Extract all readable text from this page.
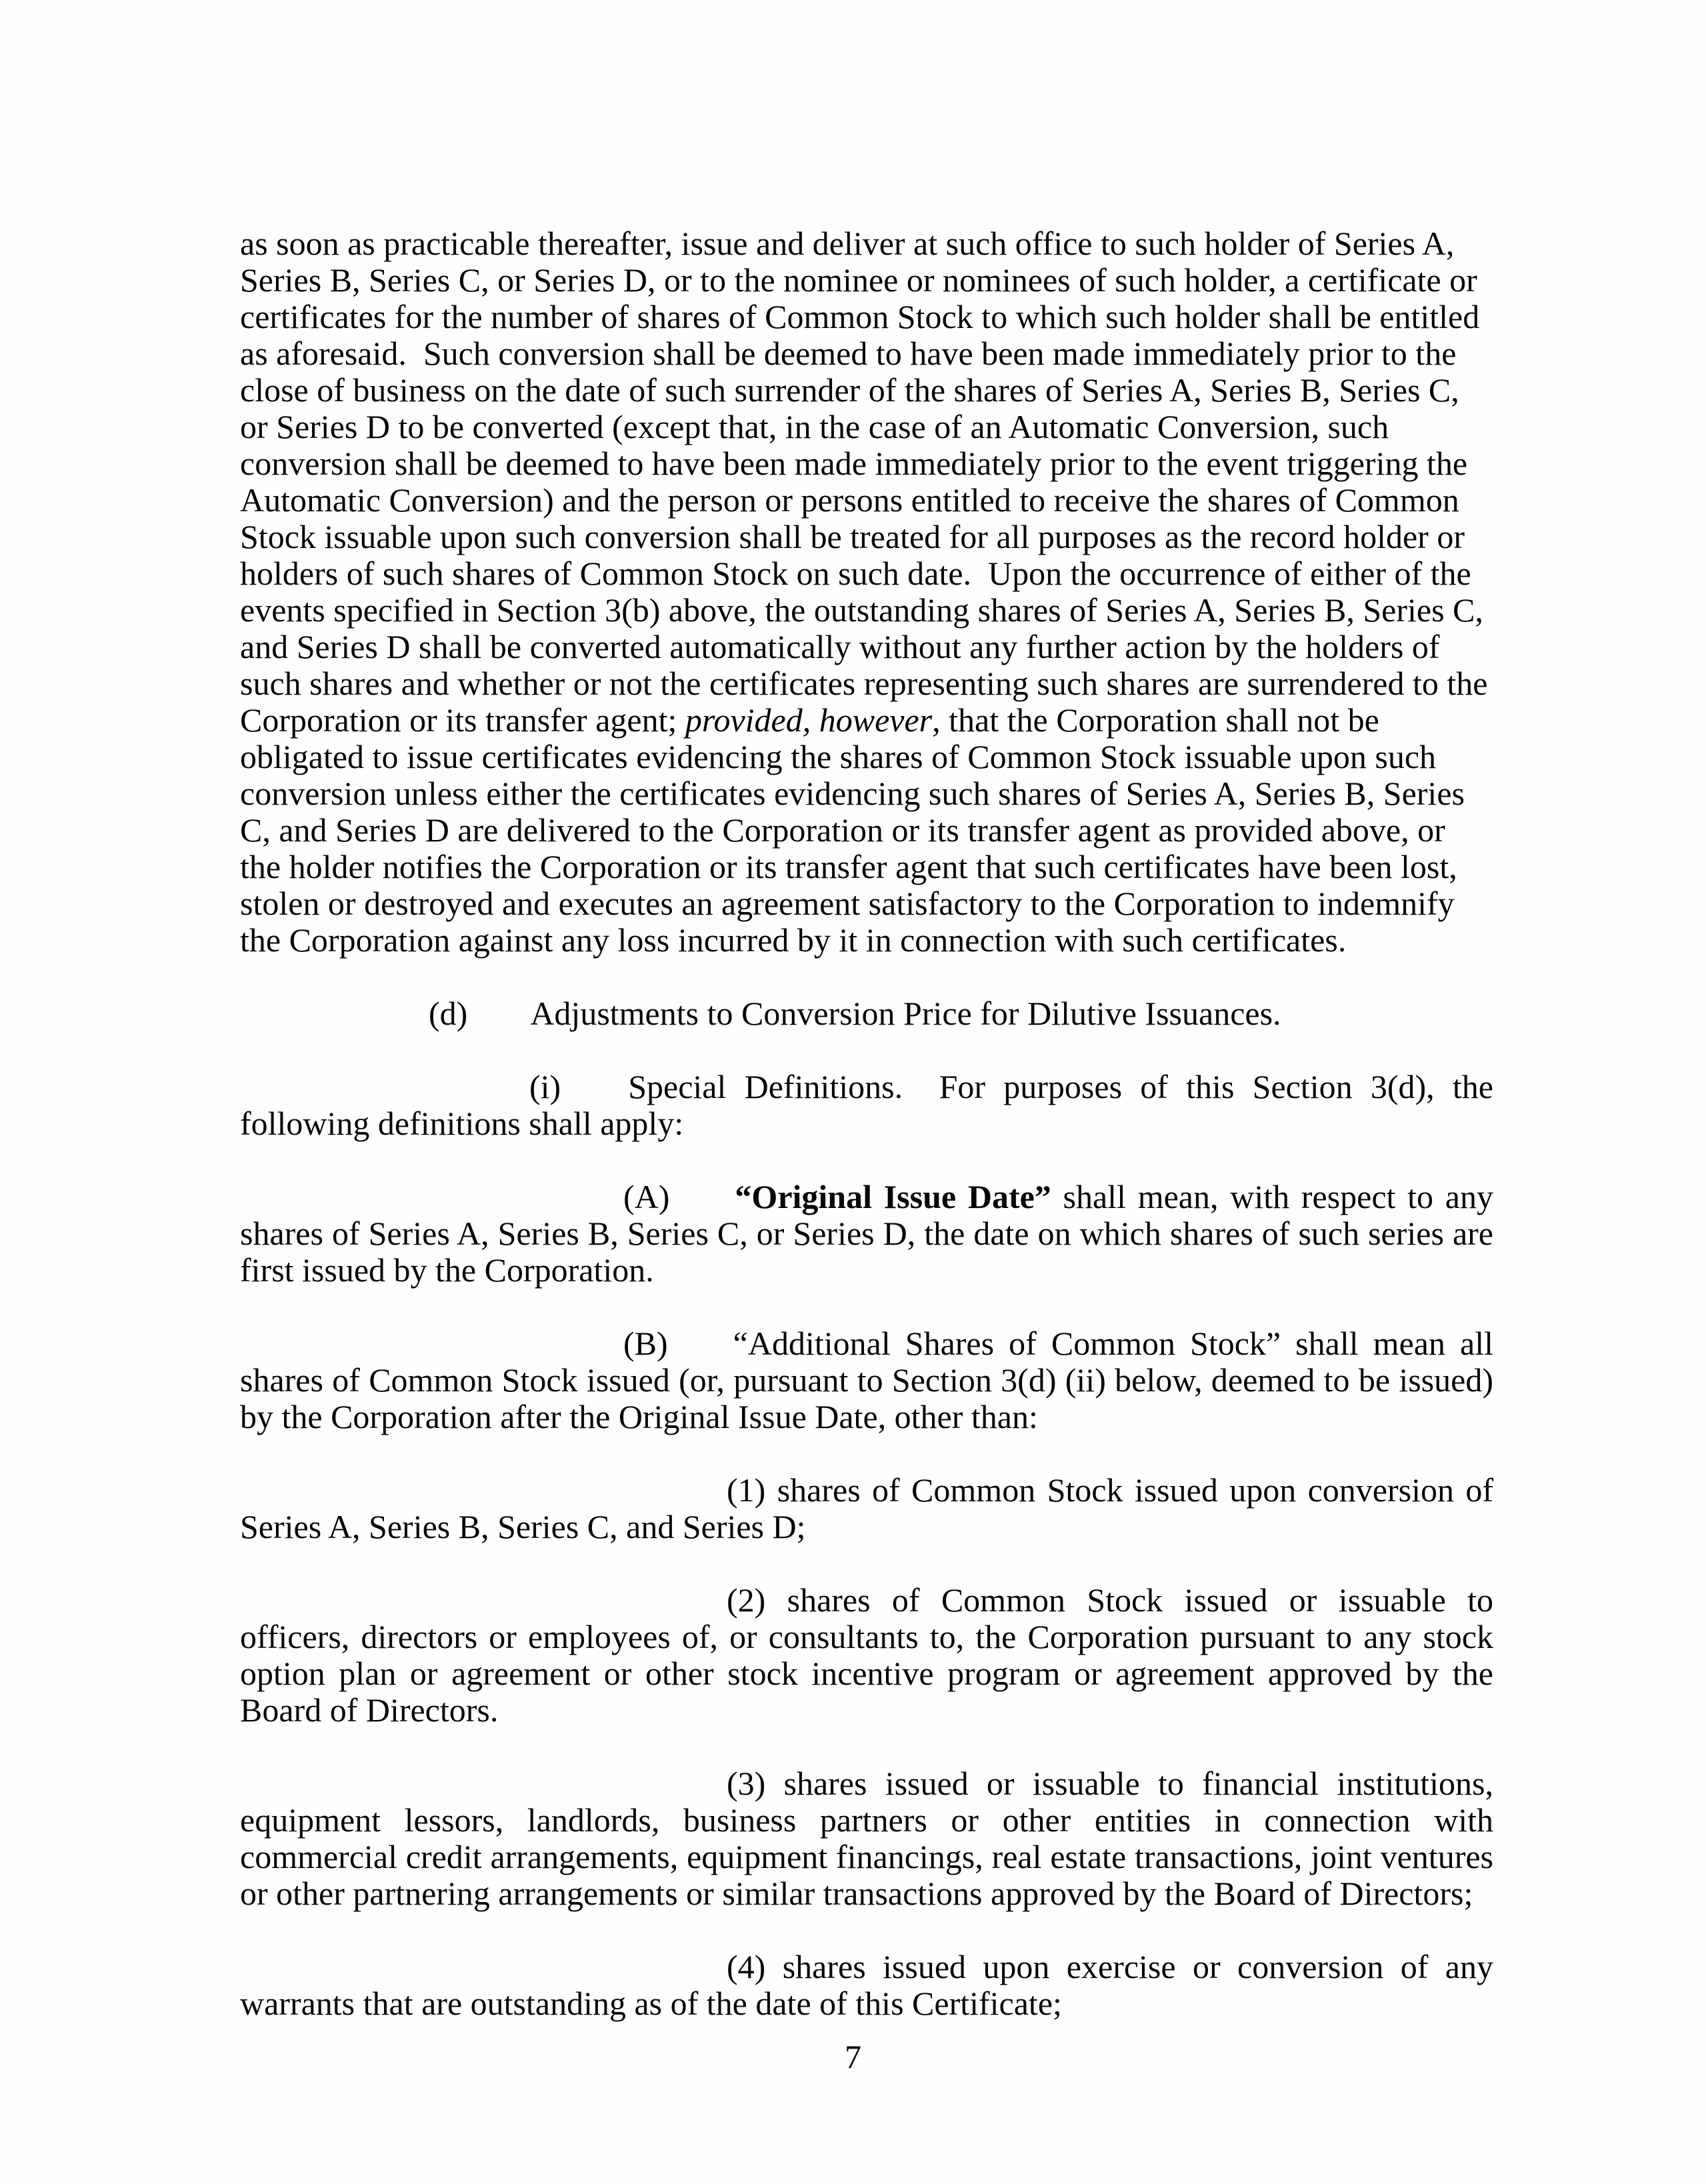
as soon as practicable thereafter, issue and deliver at such office to such holder of Series A, Series B, Series C, or Series D, or to the nominee or nominees of such holder, a certificate or certificates for the number of shares of Common Stock to which such holder shall be entitled as aforesaid.  Such conversion shall be deemed to have been made immediately prior to the close of business on the date of such surrender of the shares of Series A, Series B, Series C, or Series D to be converted (except that, in the case of an Automatic Conversion, such conversion shall be deemed to have been made immediately prior to the event triggering the Automatic Conversion) and the person or persons entitled to receive the shares of Common Stock issuable upon such conversion shall be treated for all purposes as the record holder or holders of such shares of Common Stock on such date.  Upon the occurrence of either of the events specified in Section 3(b) above, the outstanding shares of Series A, Series B, Series C, and Series D shall be converted automatically without any further action by the holders of such shares and whether or not the certificates representing such shares are surrendered to the Corporation or its transfer agent; provided, however, that the Corporation shall not be obligated to issue certificates evidencing the shares of Common Stock issuable upon such conversion unless either the certificates evidencing such shares of Series A, Series B, Series C, and Series D are delivered to the Corporation or its transfer agent as provided above, or the holder notifies the Corporation or its transfer agent that such certificates have been lost, stolen or destroyed and executes an agreement satisfactory to the Corporation to indemnify the Corporation against any loss incurred by it in connection with such certificates.

(d) Adjustments to Conversion Price for Dilutive Issuances.

(i) Special Definitions.  For purposes of this Section 3(d), the following definitions shall apply:

(A) “Original Issue Date” shall mean, with respect to any shares of Series A, Series B, Series C, or Series D, the date on which shares of such series are first issued by the Corporation.

(B) “Additional Shares of Common Stock” shall mean all shares of Common Stock issued (or, pursuant to Section 3(d) (ii) below, deemed to be issued) by the Corporation after the Original Issue Date, other than:

(1) shares of Common Stock issued upon conversion of Series A, Series B, Series C, and Series D;

(2) shares of Common Stock issued or issuable to officers, directors or employees of, or consultants to, the Corporation pursuant to any stock option plan or agreement or other stock incentive program or agreement approved by the Board of Directors.

(3) shares issued or issuable to financial institutions, equipment lessors, landlords, business partners or other entities in connection with commercial credit arrangements, equipment financings, real estate transactions, joint ventures or other partnering arrangements or similar transactions approved by the Board of Directors;

(4) shares issued upon exercise or conversion of any warrants that are outstanding as of the date of this Certificate;

7
